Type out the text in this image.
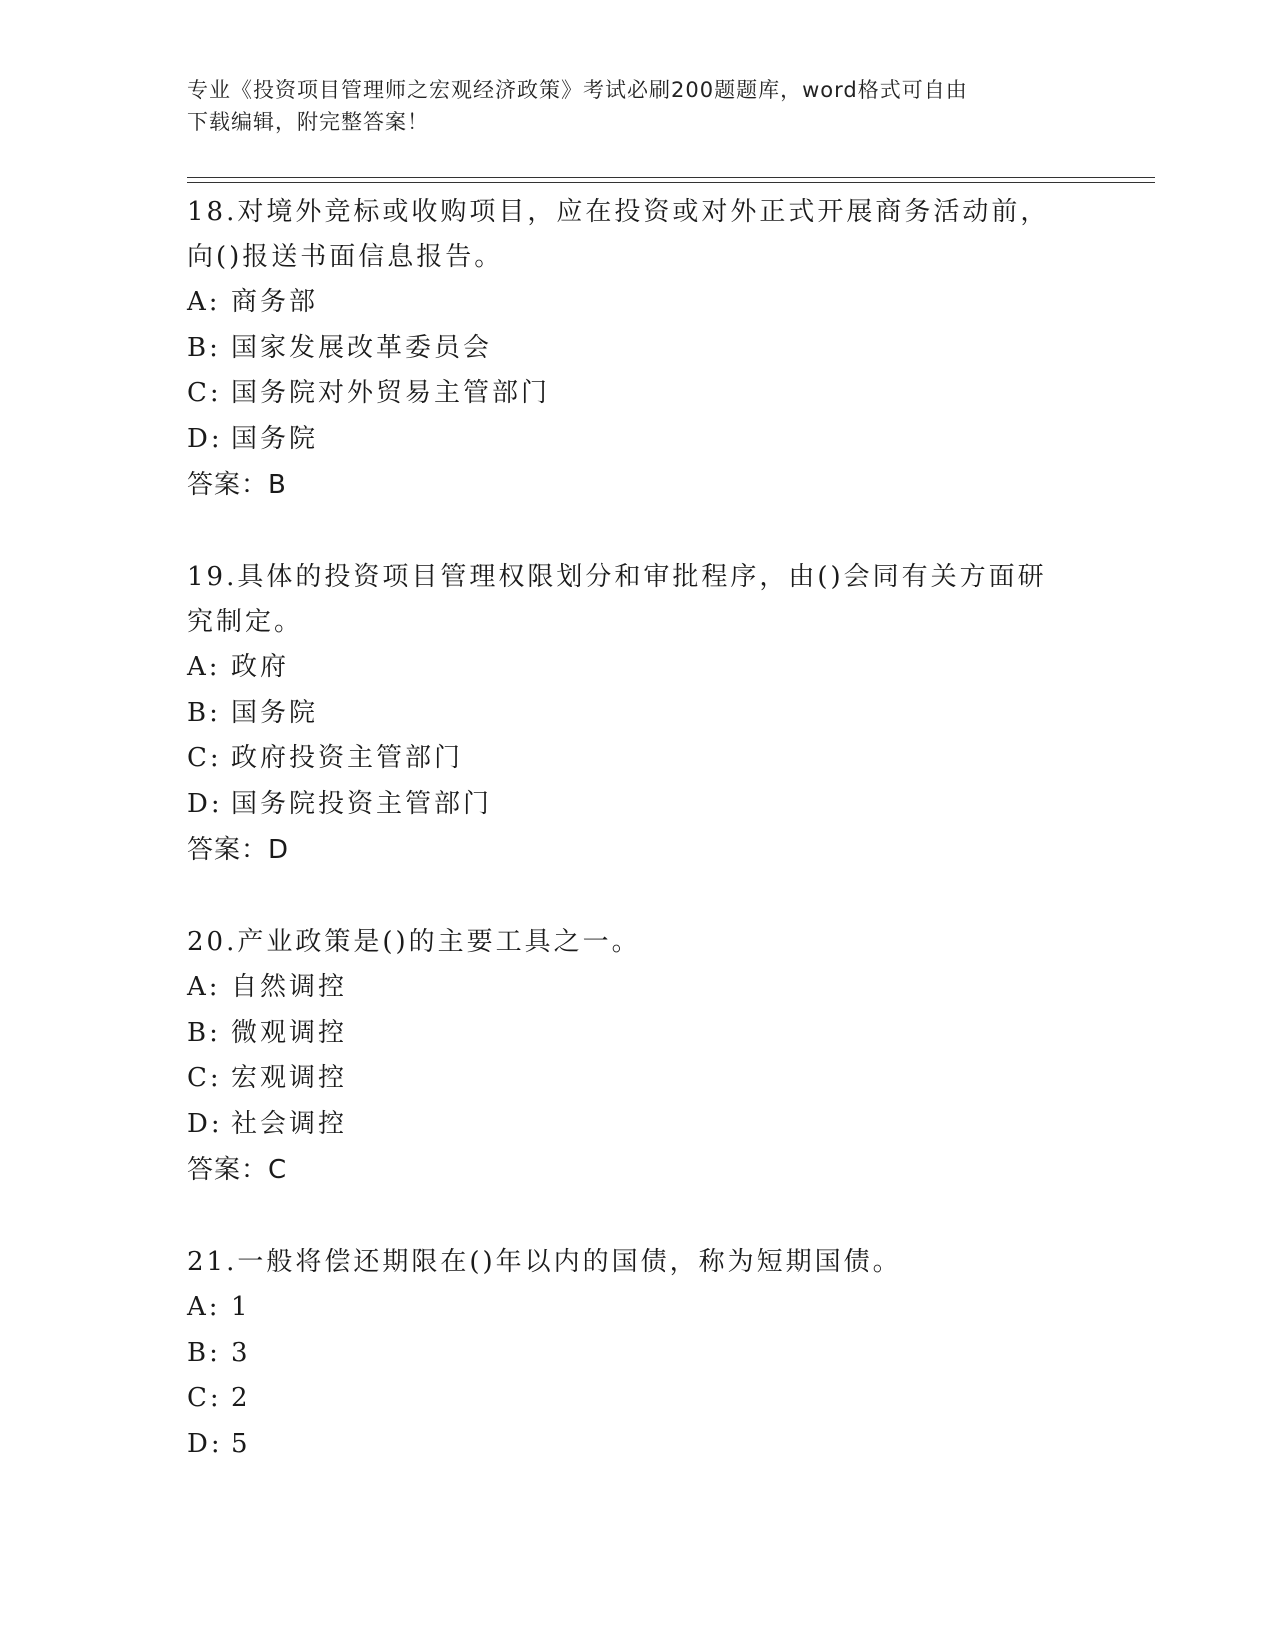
专业《投资项目管理师之宏观经济政策》考试必刷200题题库，word格式可自由
下载编辑，附完整答案！

18.对境外竞标或收购项目，应在投资或对外正式开展商务活动前，向()报送书面信息报告。

A: 商务部

B: 国家发展改革委员会

C: 国务院对外贸易主管部门

D: 国务院

答案：B

19.具体的投资项目管理权限划分和审批程序，由()会同有关方面研究制定。

A: 政府

B: 国务院

C: 政府投资主管部门

D: 国务院投资主管部门

答案：D

20.产业政策是()的主要工具之一。

A: 自然调控

B: 微观调控

C: 宏观调控

D: 社会调控

答案：C

21.一般将偿还期限在()年以内的国债，称为短期国债。

A: 1

B: 3

C: 2

D: 5
